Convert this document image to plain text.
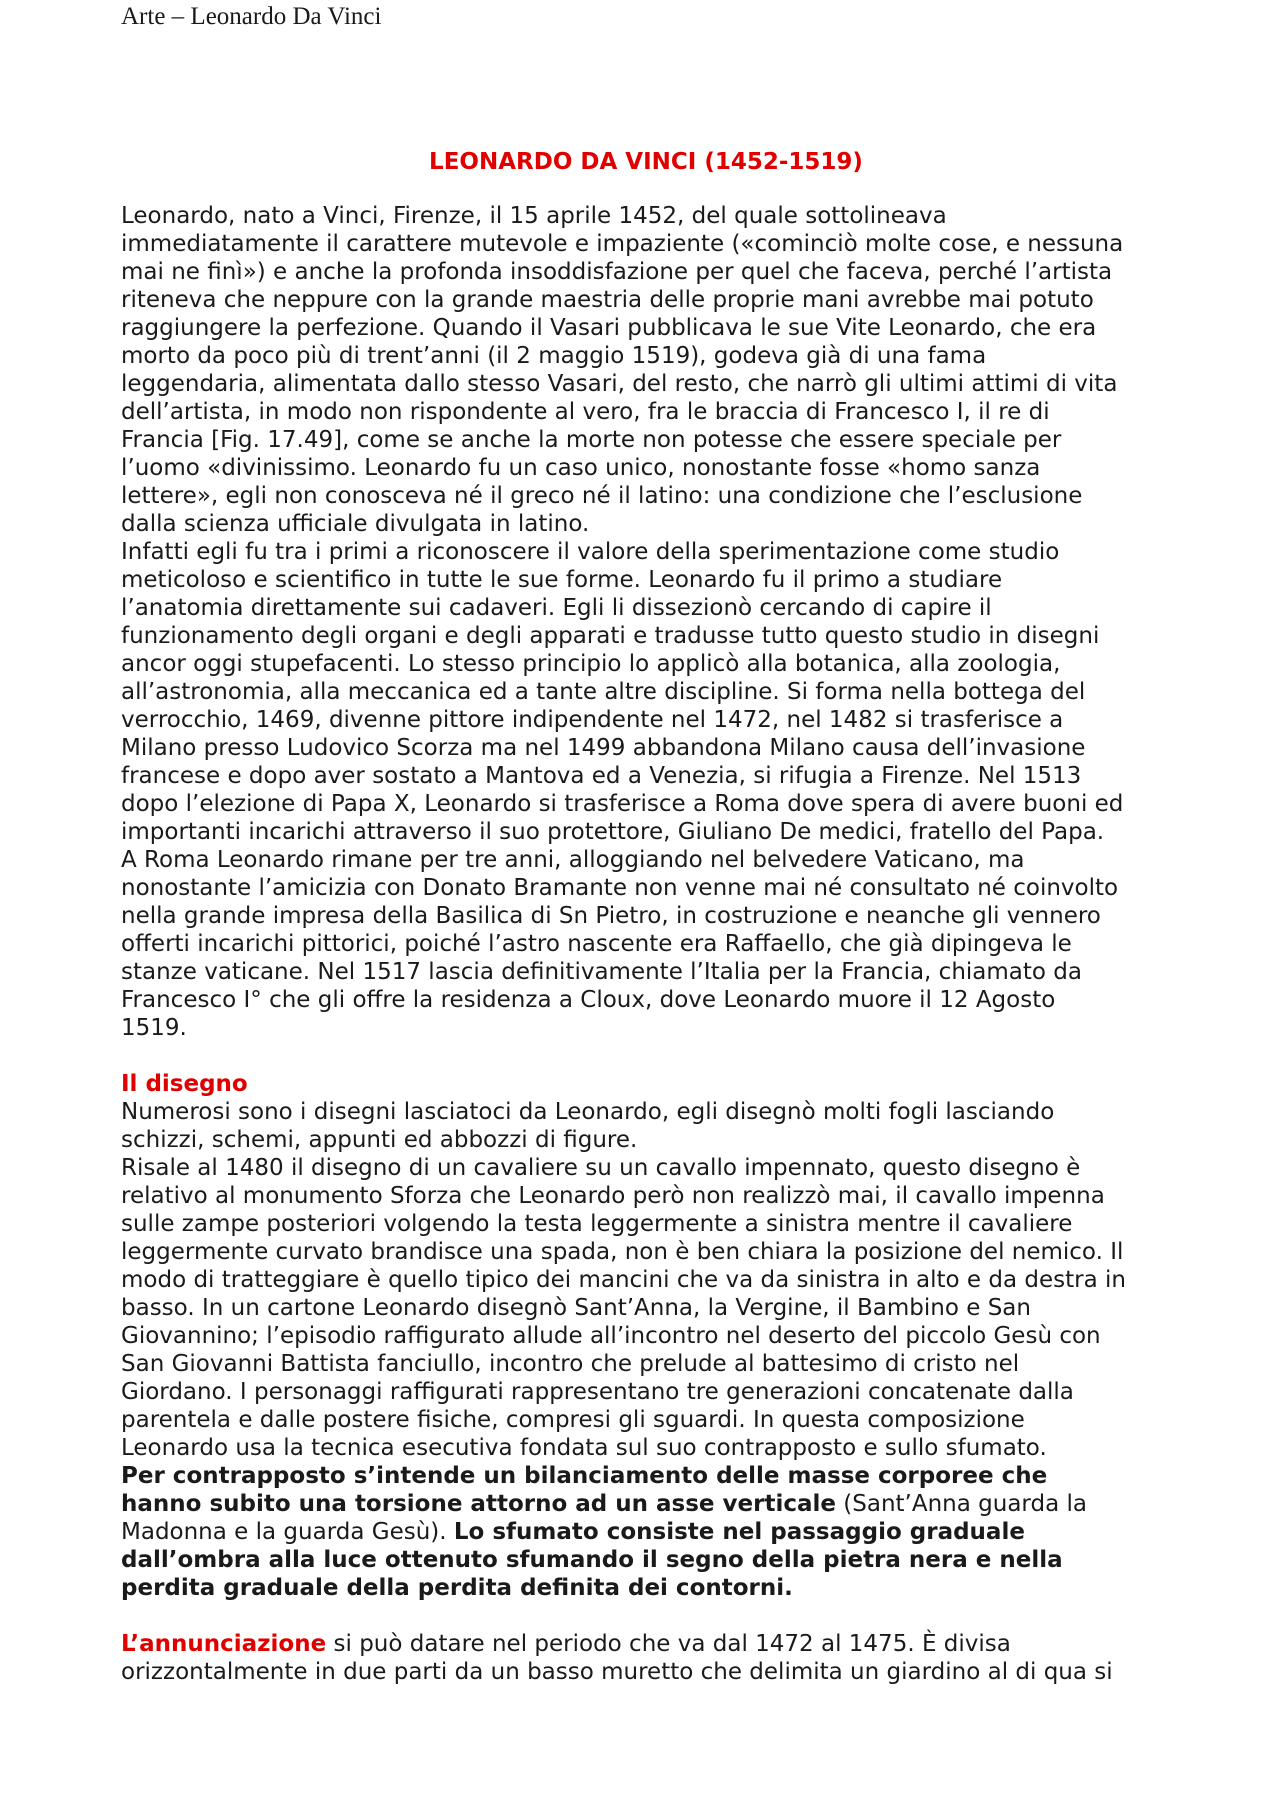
Arte – Leonardo Da Vinci
LEONARDO DA VINCI (1452-1519)

Leonardo, nato a Vinci, Firenze, il 15 aprile 1452, del quale sottolineava
immediatamente il carattere mutevole e impaziente («cominciò molte cose, e nessuna
mai ne finì») e anche la profonda insoddisfazione per quel che faceva, perché l’artista
riteneva che neppure con la grande maestria delle proprie mani avrebbe mai potuto
raggiungere la perfezione. Quando il Vasari pubblicava le sue Vite Leonardo, che era
morto da poco più di trent’anni (il 2 maggio 1519), godeva già di una fama
leggendaria, alimentata dallo stesso Vasari, del resto, che narrò gli ultimi attimi di vita
dell’artista, in modo non rispondente al vero, fra le braccia di Francesco I, il re di
Francia [Fig. 17.49], come se anche la morte non potesse che essere speciale per
l’uomo «divinissimo. Leonardo fu un caso unico, nonostante fosse «homo sanza
lettere», egli non conosceva né il greco né il latino: una condizione che l’esclusione
dalla scienza ufficiale divulgata in latino.

Infatti egli fu tra i primi a riconoscere il valore della sperimentazione come studio
meticoloso e scientifico in tutte le sue forme. Leonardo fu il primo a studiare
l’anatomia direttamente sui cadaveri. Egli li dissezionò cercando di capire il
funzionamento degli organi e degli apparati e tradusse tutto questo studio in disegni
ancor oggi stupefacenti. Lo stesso principio lo applicò alla botanica, alla zoologia,
all’astronomia, alla meccanica ed a tante altre discipline. Si forma nella bottega del
verrocchio, 1469, divenne pittore indipendente nel 1472, nel 1482 si trasferisce a
Milano presso Ludovico Scorza ma nel 1499 abbandona Milano causa dell’invasione
francese e dopo aver sostato a Mantova ed a Venezia, si rifugia a Firenze. Nel 1513
dopo l’elezione di Papa X, Leonardo si trasferisce a Roma dove spera di avere buoni ed
importanti incarichi attraverso il suo protettore, Giuliano De medici, fratello del Papa.
A Roma Leonardo rimane per tre anni, alloggiando nel belvedere Vaticano, ma
nonostante l’amicizia con Donato Bramante non venne mai né consultato né coinvolto
nella grande impresa della Basilica di Sn Pietro, in costruzione e neanche gli vennero
offerti incarichi pittorici, poiché l’astro nascente era Raffaello, che già dipingeva le
stanze vaticane. Nel 1517 lascia definitivamente l’Italia per la Francia, chiamato da
Francesco I° che gli offre la residenza a Cloux, dove Leonardo muore il 12 Agosto
1519.

Il disegno

Numerosi sono i disegni lasciatoci da Leonardo, egli disegnò molti fogli lasciando
schizzi, schemi, appunti ed abbozzi di figure.

Risale al 1480 il disegno di un cavaliere su un cavallo impennato, questo disegno è
relativo al monumento Sforza che Leonardo però non realizzò mai, il cavallo impenna
sulle zampe posteriori volgendo la testa leggermente a sinistra mentre il cavaliere
leggermente curvato brandisce una spada, non è ben chiara la posizione del nemico. Il
modo di tratteggiare è quello tipico dei mancini che va da sinistra in alto e da destra in
basso. In un cartone Leonardo disegnò Sant’Anna, la Vergine, il Bambino e San
Giovannino; l’episodio raffigurato allude all’incontro nel deserto del piccolo Gesù con
San Giovanni Battista fanciullo, incontro che prelude al battesimo di cristo nel
Giordano. I personaggi raffigurati rappresentano tre generazioni concatenate dalla
parentela e dalle postere fisiche, compresi gli sguardi. In questa composizione
Leonardo usa la tecnica esecutiva fondata sul suo contrapposto e sullo sfumato.

Per contrapposto s’intende un bilanciamento delle masse corporee che
hanno subito una torsione attorno ad un asse verticale (Sant’Anna guarda la
Madonna e la guarda Gesù). Lo sfumato consiste nel passaggio graduale
dall’ombra alla luce ottenuto sfumando il segno della pietra nera e nella
perdita graduale della perdita definita dei contorni.

L’annunciazione si può datare nel periodo che va dal 1472 al 1475. È divisa
orizzontalmente in due parti da un basso muretto che delimita un giardino al di qua si
